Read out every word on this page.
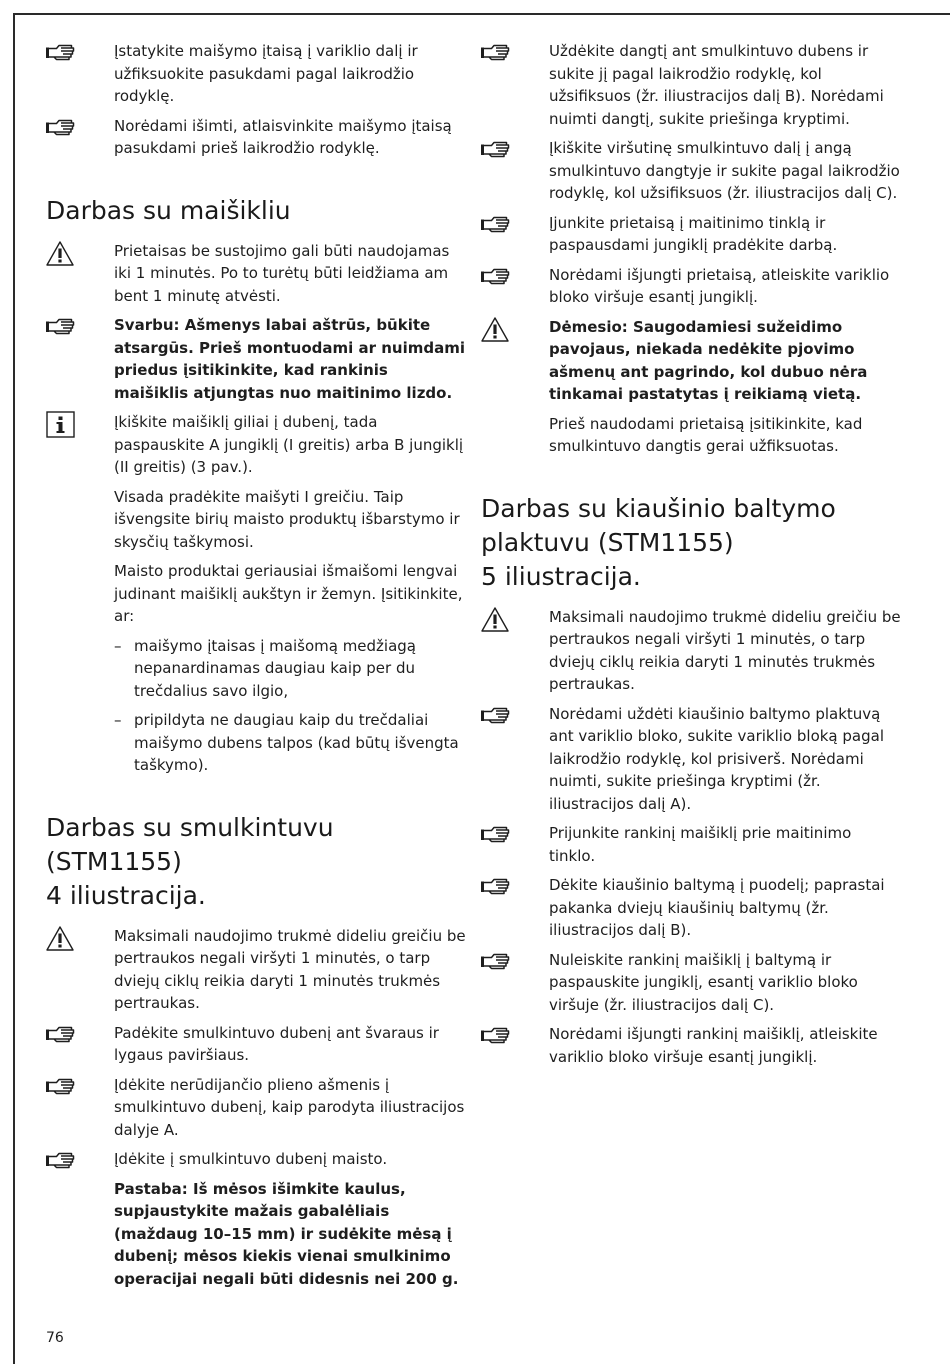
Įstatykite maišymo įtaisą į variklio dalį ir užfiksuokite pasukdami pagal laikrodžio rodyklę.

Norėdami išimti, atlaisvinkite maišymo įtaisą pasukdami prieš laikrodžio rodyklę.

Darbas su maišikliu

Prietaisas be sustojimo gali būti naudojamas iki 1 minutės. Po to turėtų būti leidžiama am bent 1 minutę atvėsti.

Svarbu: Ašmenys labai aštrūs, būkite atsargūs. Prieš montuodami ar nuimdami priedus įsitikinkite, kad rankinis maišiklis atjungtas nuo maitinimo lizdo.

Įkiškite maišiklį giliai į dubenį, tada paspauskite A jungiklį (I greitis) arba B jungiklį (II greitis) (3 pav.).

Visada pradėkite maišyti I greičiu. Taip išvengsite birių maisto produktų išbarstymo ir skysčių taškymosi.

Maisto produktai geriausiai išmaišomi lengvai judinant maišiklį aukštyn ir žemyn. Įsitikinkite, ar:

– maišymo įtaisas į maišomą medžiagą nepanardinamas daugiau kaip per du trečdalius savo ilgio,
– pripildyta ne daugiau kaip du trečdaliai maišymo dubens talpos (kad būtų išvengta taškymo).
Darbas su smulkintuvu (STM1155)
4 iliustracija.

Maksimali naudojimo trukmė dideliu greičiu be pertraukos negali viršyti 1 minutės, o tarp dviejų ciklų reikia daryti 1 minutės trukmės pertraukas.

Padėkite smulkintuvo dubenį ant švaraus ir lygaus paviršiaus.

Įdėkite nerūdijančio plieno ašmenis į smulkintuvo dubenį, kaip parodyta iliustracijos dalyje A.

Įdėkite į smulkintuvo dubenį maisto.

Pastaba: Iš mėsos išimkite kaulus, supjaustykite mažais gabalėliais (maždaug 10–15 mm) ir sudėkite mėsą į dubenį; mėsos kiekis vienai smulkinimo operacijai negali būti didesnis nei 200 g.

Uždėkite dangtį ant smulkintuvo dubens ir sukite jį pagal laikrodžio rodyklę, kol užsifiksuos (žr. iliustracijos dalį B). Norėdami nuimti dangtį, sukite priešinga kryptimi.

Įkiškite viršutinę smulkintuvo dalį į angą smulkintuvo dangtyje ir sukite pagal laikrodžio rodyklę, kol užsifiksuos (žr. iliustracijos dalį C).

Įjunkite prietaisą į maitinimo tinklą ir paspausdami jungiklį pradėkite darbą.

Norėdami išjungti prietaisą, atleiskite variklio bloko viršuje esantį jungiklį.

Dėmesio: Saugodamiesi sužeidimo pavojaus, niekada nedėkite pjovimo ašmenų ant pagrindo, kol dubuo nėra tinkamai pastatytas į reikiamą vietą.

Prieš naudodami prietaisą įsitikinkite, kad smulkintuvo dangtis gerai užfiksuotas.

Darbas su kiaušinio baltymo
plaktuvu (STM1155)
5 iliustracija.

Maksimali naudojimo trukmė dideliu greičiu be pertraukos negali viršyti 1 minutės, o tarp dviejų ciklų reikia daryti 1 minutės trukmės pertraukas.

Norėdami uždėti kiaušinio baltymo plaktuvą ant variklio bloko, sukite variklio bloką pagal laikrodžio rodyklę, kol prisiverš. Norėdami nuimti, sukite priešinga kryptimi (žr. iliustracijos dalį A).

Prijunkite rankinį maišiklį prie maitinimo tinklo.

Dėkite kiaušinio baltymą į puodelį; paprastai pakanka dviejų kiaušinių baltymų (žr. iliustracijos dalį B).

Nuleiskite rankinį maišiklį į baltymą ir paspauskite jungiklį, esantį variklio bloko viršuje (žr. iliustracijos dalį C).

Norėdami išjungti rankinį maišiklį, atleiskite variklio bloko viršuje esantį jungiklį.

76
